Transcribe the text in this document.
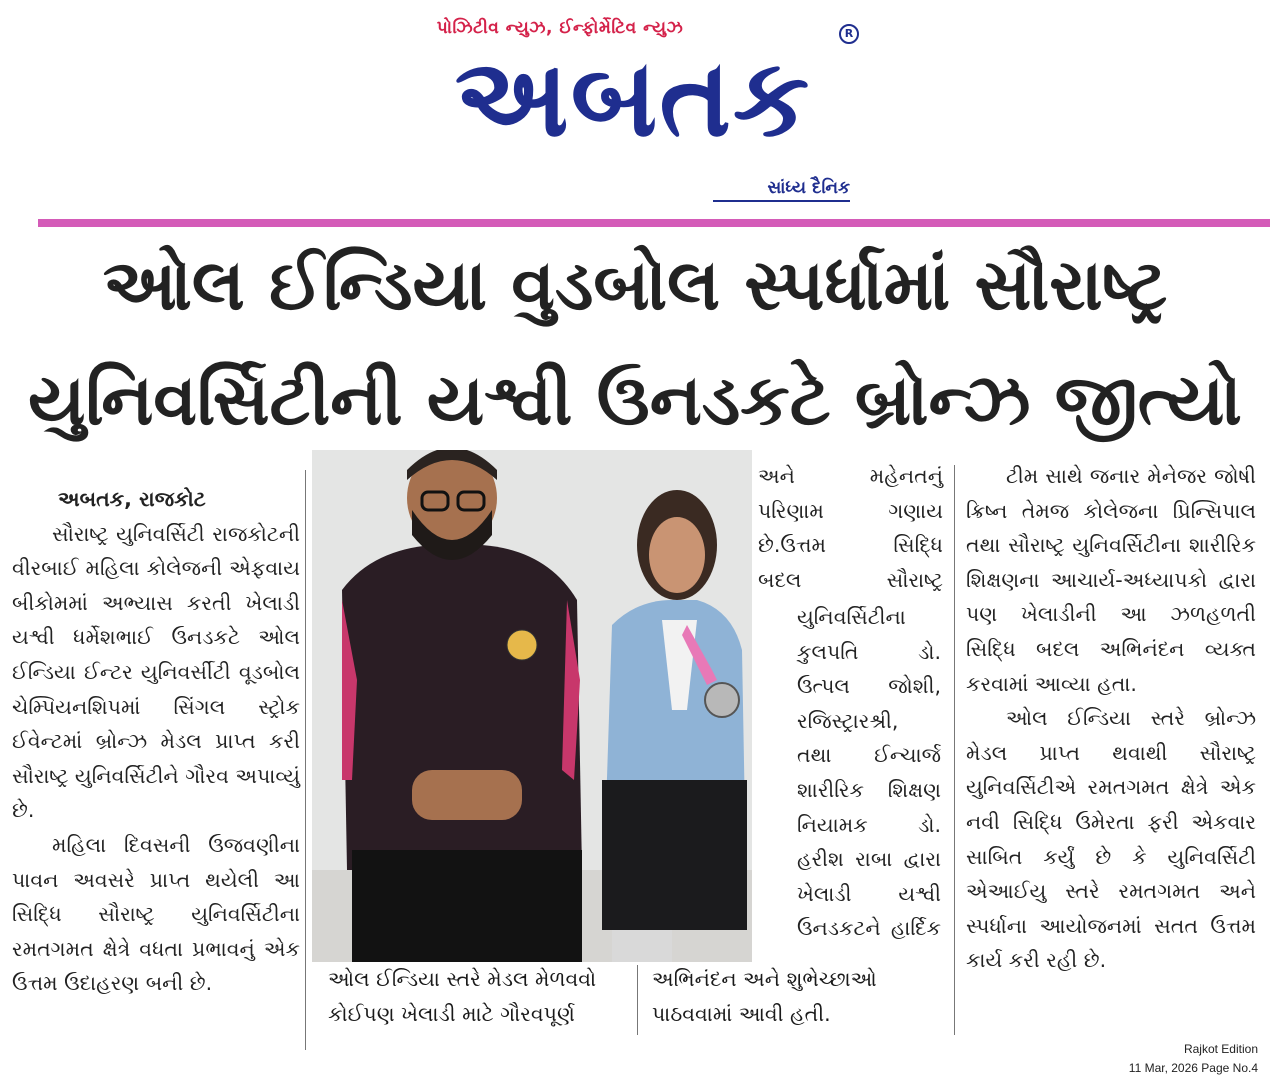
પોઝિટીવ ન્યુઝ, ઈન્ફોર્મેટિવ ન્યુઝ
અબતક
R
સાંધ્ય દૈનિક
ઓલ ઈન્ડિયા વુડબોલ સ્પર્ધામાં સૌરાષ્ટ્ર
યુનિવર્સિટીની યશ્વી ઉનડકટે બ્રોન્ઝ જીત્યો

અબતક, રાજકોટ

સૌરાષ્ટ્ર યુનિવર્સિટી રાજકોટની વીરબાઈ મહિલા કોલેજની એફવાય બીકોમમાં અભ્યાસ કરતી ખેલાડી યશ્વી ધર્મેશભાઈ ઉનડકટે ઓલ ઈન્ડિયા ઈન્ટર યુનિવર્સીટી વૂડબોલ ચેમ્પિયનશિપમાં સિંગલ સ્ટ્રોક ઈવેન્ટમાં બ્રોન્ઝ મેડલ પ્રાપ્ત કરી સૌરાષ્ટ્ર યુનિવર્સિટીને ગૌરવ અપાવ્યું છે.

મહિલા દિવસની ઉજવણીના પાવન અવસરે પ્રાપ્ત થયેલી આ સિદ્ધિ સૌરાષ્ટ્ર યુનિવર્સિટીના રમતગમત ક્ષેત્રે વધતા પ્રભાવનું એક ઉત્તમ ઉદાહરણ બની છે.	ઓલ ઈન્ડિયા સ્તરે મેડલ મેળવવો કોઈપણ ખેલાડી માટે ગૌરવપૂર્ણ
અભિનંદન અને શુભેચ્છાઓ પાઠવવામાં આવી હતી.
અને મહેનતનું
પરિણામ ગણાય
છે.ઉત્તમ સિદ્ધિ
બદલ સૌરાષ્ટ્ર
યુનિવર્સિટીના
કુલપતિ ડો.
ઉત્પલ જોશી,
રજિસ્ટ્રારશ્રી,
તથા ઈન્ચાર્જ
શારીરિક શિક્ષણ
નિયામક ડો.
હરીશ રાબા દ્વારા
ખેલાડી યશ્વી
ઉનડકટને હાર્દિક

ટીમ સાથે જનાર મેનેજર જોષી ક્રિષ્ન તેમજ કોલેજના પ્રિન્સિપાલ તથા સૌરાષ્ટ્ર યુનિવર્સિટીના શારીરિક શિક્ષણના આચાર્ય-અધ્યાપકો દ્વારા પણ ખેલાડીની આ ઝળહળતી સિદ્ધિ બદલ અભિનંદન વ્યક્ત કરવામાં આવ્યા હતા.

ઓલ ઈન્ડિયા સ્તરે બ્રોન્ઝ મેડલ પ્રાપ્ત થવાથી સૌરાષ્ટ્ર યુનિવર્સિટીએ રમતગમત ક્ષેત્રે એક નવી સિદ્ધિ ઉમેરતા ફરી એકવાર સાબિત કર્યું છે કે યુનિવર્સિટી એઆઈયુ સ્તરે રમતગમત અને સ્પર્ધાના આયોજનમાં સતત ઉત્તમ કાર્ય કરી રહી છે.

Rajkot Edition
11 Mar, 2026 Page No.4
